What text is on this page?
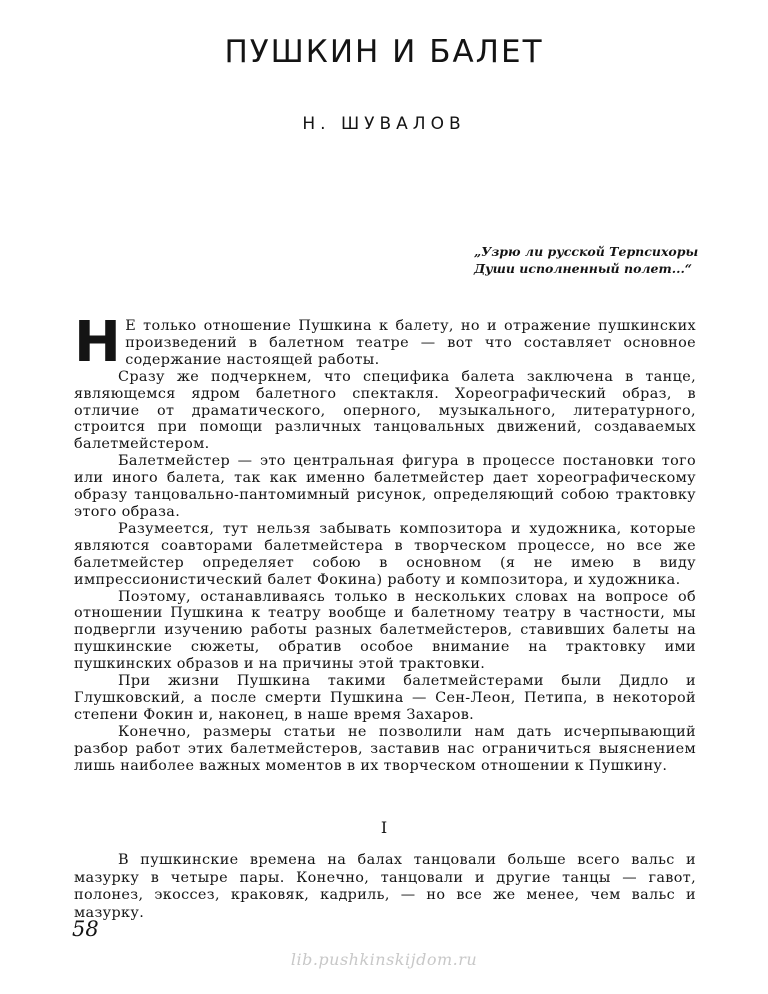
ПУШКИН И БАЛЕТ
Н. ШУВАЛОВ
„Узрю ли русской Терпсихоры
Души исполненный полет...“

Н Е только отношение Пушкина к балету, но и отражение пушкинских произведений в балетном театре — вот что составляет основное содержание настоящей работы.

Сразу же подчеркнем, что специфика балета заключена в танце, являющемся ядром балетного спектакля. Хореографический образ, в отличие от драматического, оперного, музыкального, литературного, строится при помощи различных танцовальных движений, создаваемых балетмейстером.

Балетмейстер — это центральная фигура в процессе постановки того или иного балета, так как именно балетмейстер дает хореографическому образу танцовально-пантомимный рисунок, определяющий собою трактовку этого образа.

Разумеется, тут нельзя забывать композитора и художника, которые являются соавторами балетмейстера в творческом процессе, но все же балетмейстер определяет собою в основном (я не имею в виду импрессионистический балет Фокина) работу и композитора, и художника.

Поэтому, останавливаясь только в нескольких словах на вопросе об отношении Пушкина к театру вообще и балетному театру в частности, мы подвергли изучению работы разных балетмейстеров, ставивших балеты на пушкинские сюжеты, обратив особое внимание на трактовку ими пушкинских образов и на причины этой трактовки.

При жизни Пушкина такими балетмейстерами были Дидло и Глушковский, а после смерти Пушкина — Сен-Леон, Петипа, в некоторой степени Фокин и, наконец, в наше время Захаров.

Конечно, размеры статьи не позволили нам дать исчерпывающий разбор работ этих балетмейстеров, заставив нас ограничиться выяснением лишь наиболее важных моментов в их творческом отношении к Пушкину.

I

В пушкинские времена на балах танцовали больше всего вальс и мазурку в четыре пары. Конечно, танцовали и другие танцы — гавот, полонез, экоссез, краковяк, кадриль, — но все же менее, чем вальс и мазурку.

58
lib.pushkinskijdom.ru
